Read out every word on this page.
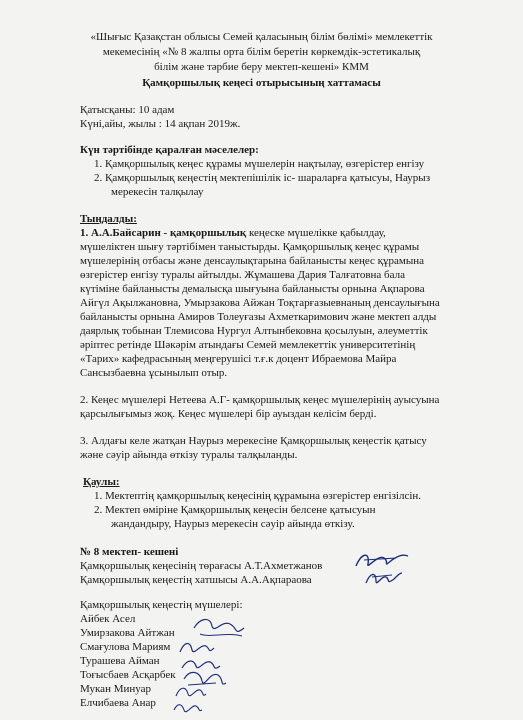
«Шығыс Қазақстан облысы Семей қаласының білім бөлімі» мемлекеттік

мекемесінің «№ 8 жалпы орта білім беретін көркемдік-эстетикалық

білім және тәрбие беру мектеп-кешені» КММ

Қамқоршылық кеңесі отырысының хаттамасы

Қатысқаны: 10 адам

Күні,айы, жылы : 14 ақпан 2019ж.

Күн тәртібінде қаралған мәселелер:

1. Қамқоршылық кеңес құрамы мүшелерін нақтылау, өзгерістер енгізу

2. Қамқоршылық кеңестің мектепішілік іс- шараларға қатысуы, Наурыз

мерекесін талқылау

Тыңдалды:

1. А.А.Байсарин - қамқоршылық кеңеске мүшелікке қабылдау,

мүшеліктен шығу тәртібімен таныстырды. Қамқоршылық кеңес құрамы

мүшелерінің отбасы және денсаулықтарына байланысты кеңес құрамына

өзгерістер енгізу туралы айтылды. Жұмашева Дария Талғатовна бала

күтіміне байланысты демалысқа шығуына байланысты орнына Ақпарова

Айгүл Ақылжановна, Умырзакова Айжан Тоқтарғазыевнаның денсаулығына

байланысты орнына Амиров Толеуғазы Ахметкаримович және мектеп алды

даярлық тобынан Тлемисова Нургул Алтынбековна қосылуын, әлеуметтік

әріптес ретінде Шәкәрім атындағы Семей мемлекеттік университетінің

«Тарих» кафедрасының меңгерушісі т.ғ.к доцент Ибраемова Майра

Сансызбаевна ұсынылып отыр.

2. Кеңес мүшелері Нетеева А.Г- қамқоршылық кеңес мүшелерінің ауысуына

қарсылығымыз жоқ. Кеңес мүшелері бір ауыздан келісім берді.

3. Алдағы келе жатқан Наурыз мерекесіне Қамқоршылық кеңестік қатысу

және сәуір айында өткізу туралы талқыланды.

Қаулы:

1. Мектептің қамқоршылық кеңесінің құрамына өзгерістер енгізілсін.

2. Мектеп өміріне Қамқоршылық кеңесін белсене қатысуын

жандандыру, Наурыз мерекесін сәуір айында өткізу.

№ 8 мектеп- кешені

Қамқоршылық кеңесінің төрағасы А.Т.Ахметжанов

Қамқоршылық кеңестің хатшысы А.А.Ақпараова

Қамқоршылық кеңестің мүшелері:

Айбек Асел

Умирзакова Айтжан

Смағулова Мариям

Турашева Айман

Тоғысбаев Асқарбек

Мукан Минуар

Елчибаева Анар
